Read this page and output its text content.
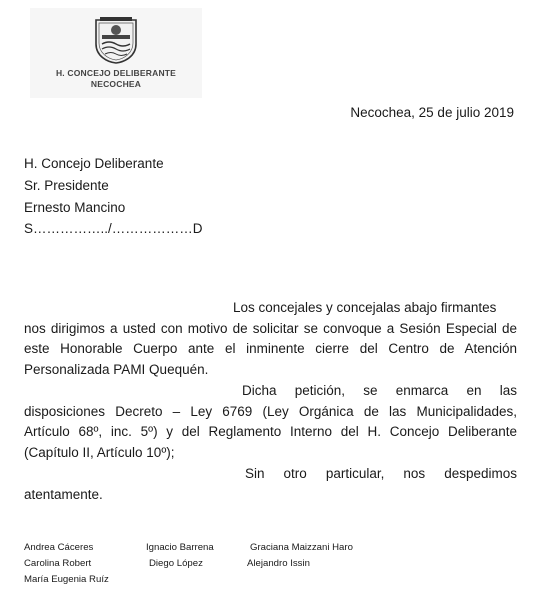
H. CONCEJO DELIBERANTE
NECOCHEA
Necochea, 25 de julio 2019
H. Concejo Deliberante
Sr. Presidente
Ernesto Mancino
S……………../………………D
Los concejales y concejalas abajo firmantes
nos dirigimos a usted con motivo de solicitar se convoque a Sesión Especial de
este Honorable Cuerpo ante el inminente cierre del Centro de Atención
Personalizada PAMI Quequén.
Dicha petición, se enmarca en las
disposiciones Decreto – Ley 6769 (Ley Orgánica de las Municipalidades,
Artículo 68º, inc. 5º) y del Reglamento Interno del H. Concejo Deliberante
(Capítulo II, Artículo 10º);
Sin otro particular, nos despedimos
atentamente.
Andrea Cáceres	Ignacio Barrena	Graciana Maizzani Haro
Carolina Robert	Diego López	Alejandro Issin
María Eugenia Ruíz
